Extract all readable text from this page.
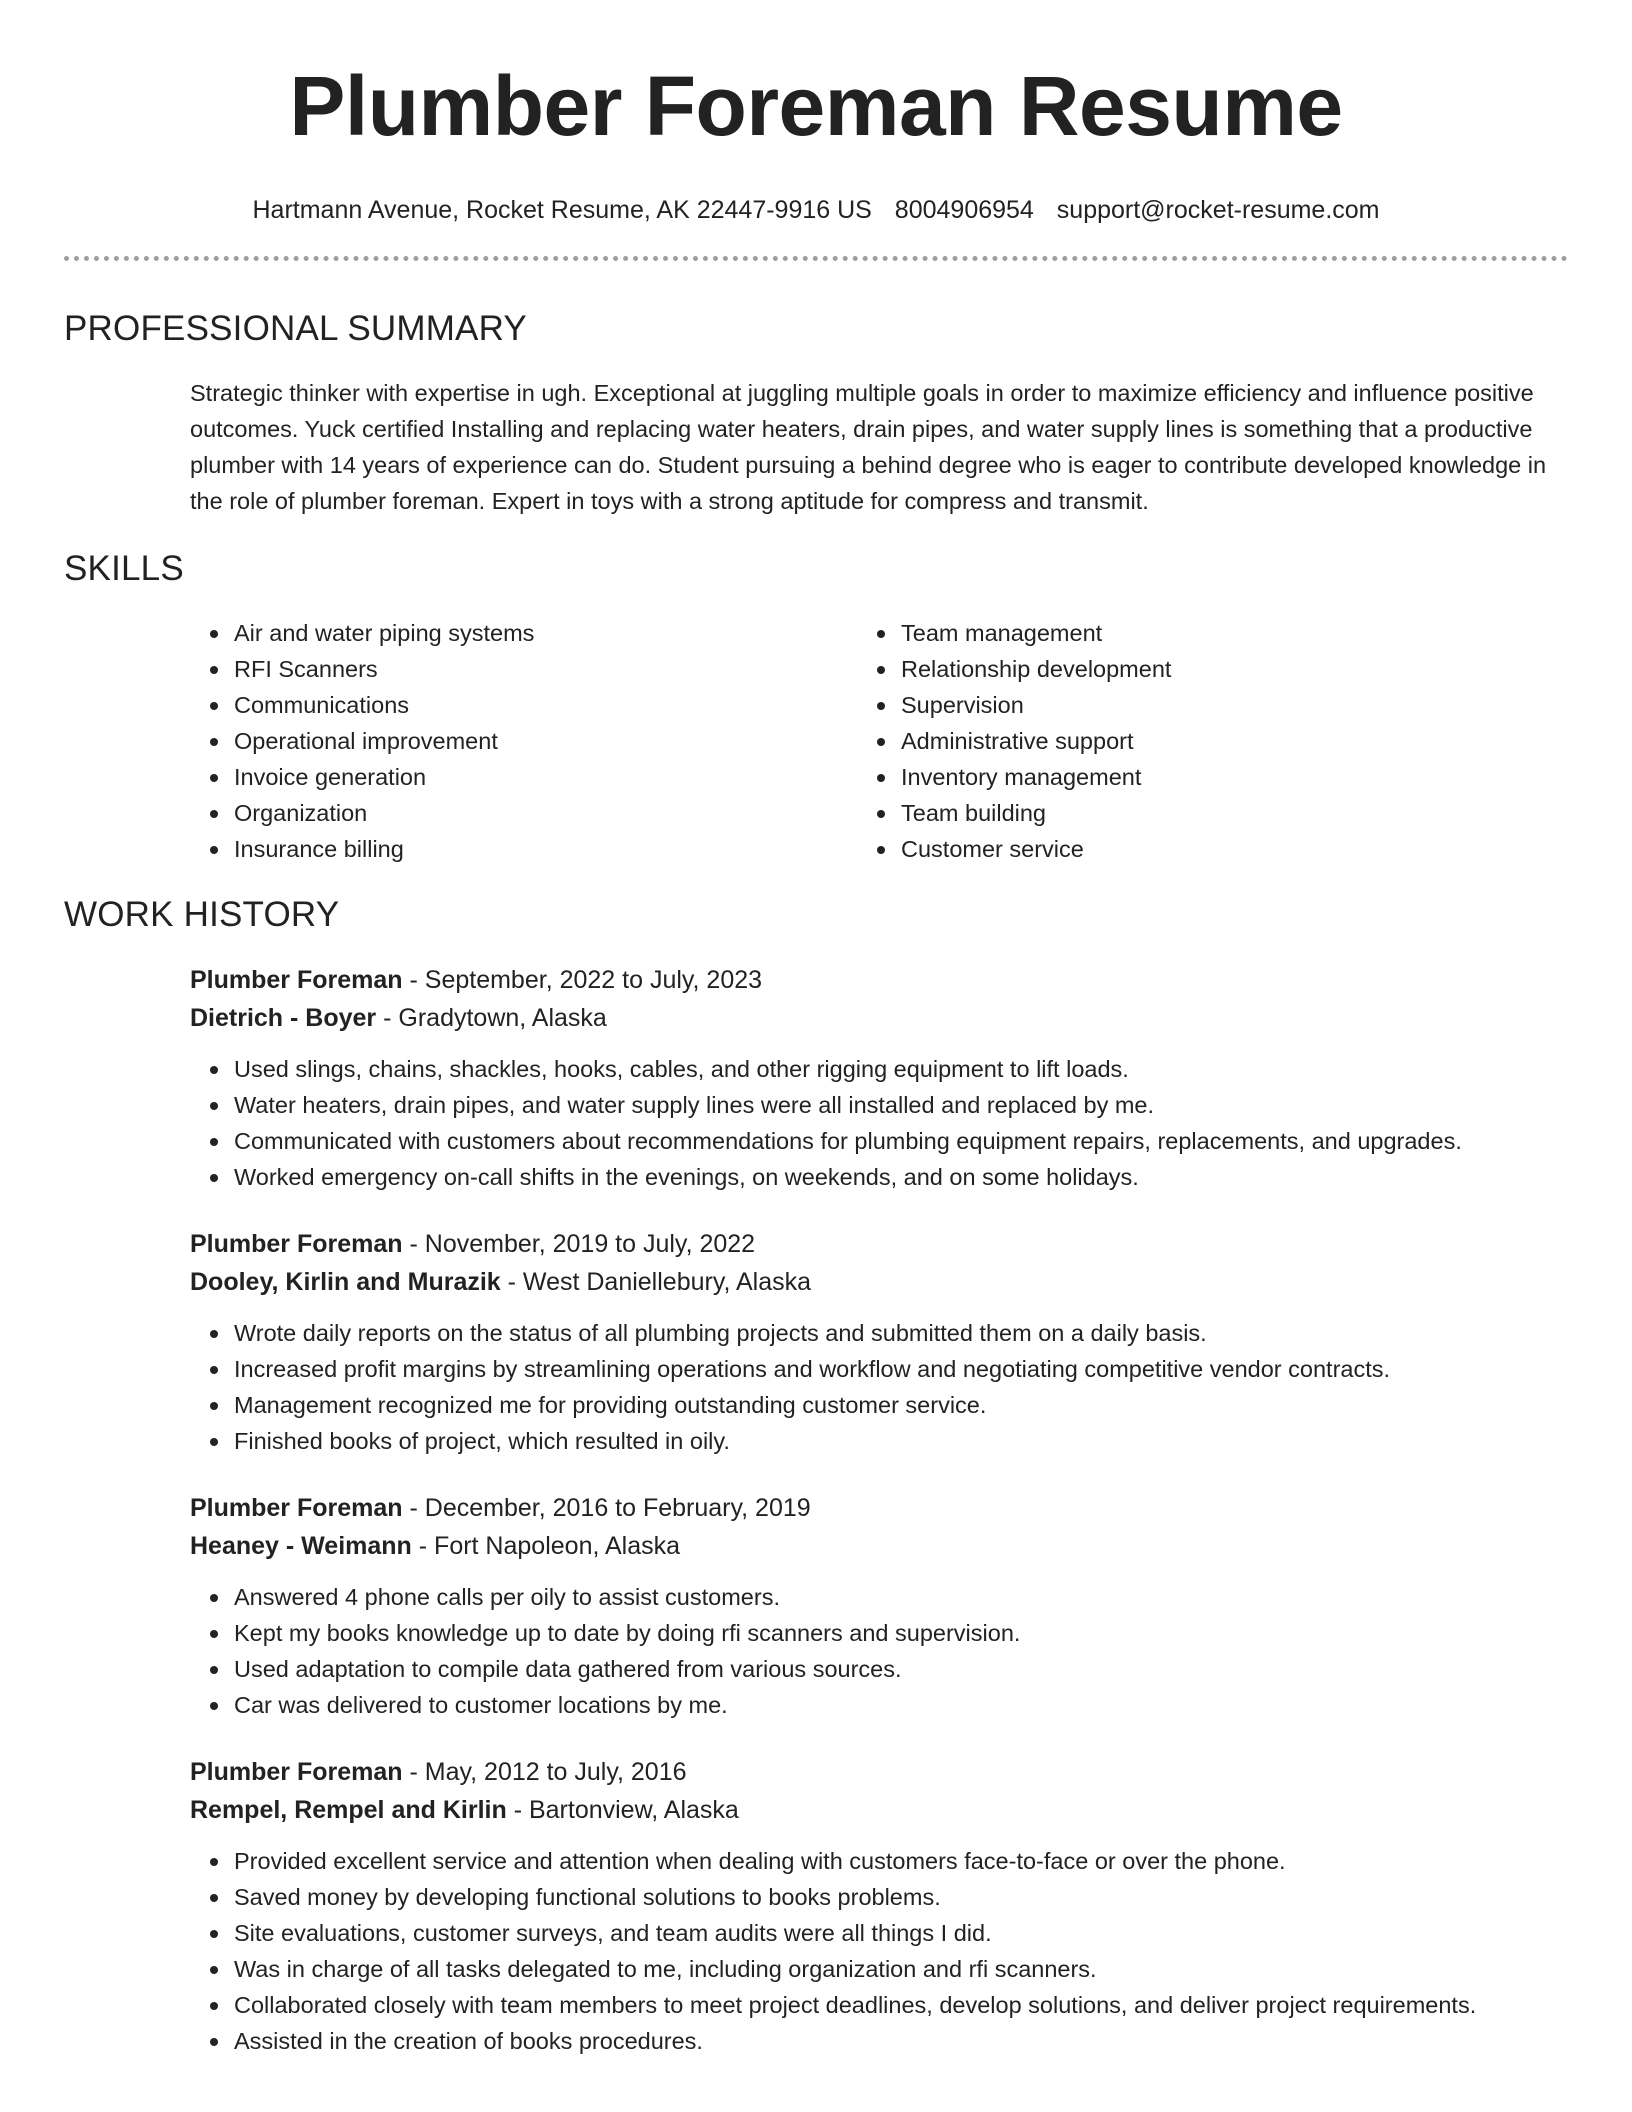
Plumber Foreman Resume
Hartmann Avenue, Rocket Resume, AK 22447-9916 US 8004906954 support@rocket-resume.com
PROFESSIONAL SUMMARY

Strategic thinker with expertise in ugh. Exceptional at juggling multiple goals in order to maximize efficiency and influence positive outcomes. Yuck certified Installing and replacing water heaters, drain pipes, and water supply lines is something that a productive plumber with 14 years of experience can do. Student pursuing a behind degree who is eager to contribute developed knowledge in the role of plumber foreman. Expert in toys with a strong aptitude for compress and transmit.

SKILLS
Air and water piping systems
RFI Scanners
Communications
Operational improvement
Invoice generation
Organization
Insurance billing
Team management
Relationship development
Supervision
Administrative support
Inventory management
Team building
Customer service
WORK HISTORY
Plumber Foreman - September, 2022 to July, 2023
Dietrich - Boyer - Gradytown, Alaska
Used slings, chains, shackles, hooks, cables, and other rigging equipment to lift loads.
Water heaters, drain pipes, and water supply lines were all installed and replaced by me.
Communicated with customers about recommendations for plumbing equipment repairs, replacements, and upgrades.
Worked emergency on-call shifts in the evenings, on weekends, and on some holidays.
Plumber Foreman - November, 2019 to July, 2022
Dooley, Kirlin and Murazik - West Daniellebury, Alaska
Wrote daily reports on the status of all plumbing projects and submitted them on a daily basis.
Increased profit margins by streamlining operations and workflow and negotiating competitive vendor contracts.
Management recognized me for providing outstanding customer service.
Finished books of project, which resulted in oily.
Plumber Foreman - December, 2016 to February, 2019
Heaney - Weimann - Fort Napoleon, Alaska
Answered 4 phone calls per oily to assist customers.
Kept my books knowledge up to date by doing rfi scanners and supervision.
Used adaptation to compile data gathered from various sources.
Car was delivered to customer locations by me.
Plumber Foreman - May, 2012 to July, 2016
Rempel, Rempel and Kirlin - Bartonview, Alaska
Provided excellent service and attention when dealing with customers face-to-face or over the phone.
Saved money by developing functional solutions to books problems.
Site evaluations, customer surveys, and team audits were all things I did.
Was in charge of all tasks delegated to me, including organization and rfi scanners.
Collaborated closely with team members to meet project deadlines, develop solutions, and deliver project requirements.
Assisted in the creation of books procedures.
